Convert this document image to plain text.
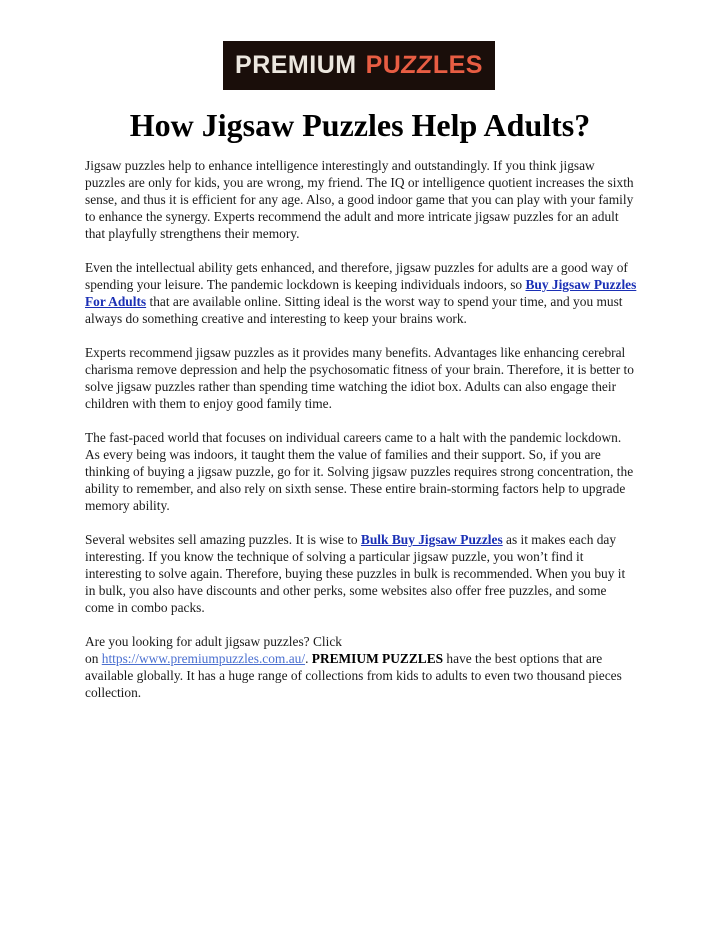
PREMIUM PUZZLES
How Jigsaw Puzzles Help Adults?

Jigsaw puzzles help to enhance intelligence interestingly and outstandingly. If you think jigsaw puzzles are only for kids, you are wrong, my friend. The IQ or intelligence quotient increases the sixth sense, and thus it is efficient for any age. Also, a good indoor game that you can play with your family to enhance the synergy. Experts recommend the adult and more intricate jigsaw puzzles for an adult that playfully strengthens their memory.

Even the intellectual ability gets enhanced, and therefore, jigsaw puzzles for adults are a good way of spending your leisure. The pandemic lockdown is keeping individuals indoors, so Buy Jigsaw Puzzles For Adults that are available online. Sitting ideal is the worst way to spend your time, and you must always do something creative and interesting to keep your brains work.

Experts recommend jigsaw puzzles as it provides many benefits. Advantages like enhancing cerebral charisma remove depression and help the psychosomatic fitness of your brain. Therefore, it is better to solve jigsaw puzzles rather than spending time watching the idiot box. Adults can also engage their children with them to enjoy good family time.

The fast-paced world that focuses on individual careers came to a halt with the pandemic lockdown. As every being was indoors, it taught them the value of families and their support. So, if you are thinking of buying a jigsaw puzzle, go for it. Solving jigsaw puzzles requires strong concentration, the ability to remember, and also rely on sixth sense. These entire brain-storming factors help to upgrade memory ability.

Several websites sell amazing puzzles. It is wise to Bulk Buy Jigsaw Puzzles as it makes each day interesting. If you know the technique of solving a particular jigsaw puzzle, you won’t find it interesting to solve again. Therefore, buying these puzzles in bulk is recommended. When you buy it in bulk, you also have discounts and other perks, some websites also offer free puzzles, and some come in combo packs.

Are you looking for adult jigsaw puzzles? Click
on https://www.premiumpuzzles.com.au/. PREMIUM PUZZLES have the best options that are available globally. It has a huge range of collections from kids to adults to even two thousand pieces collection.
